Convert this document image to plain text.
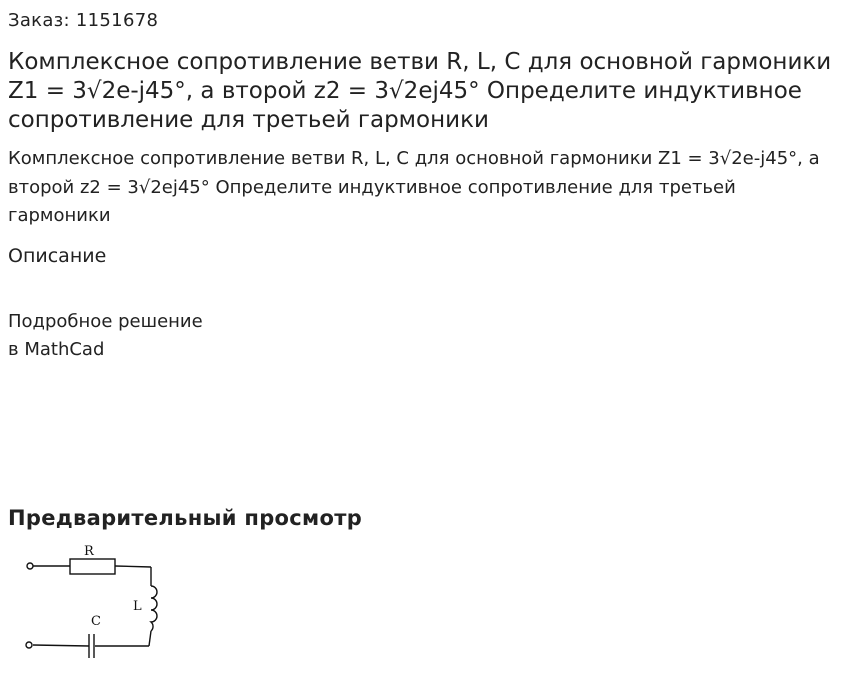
Заказ: 1151678
Комплексное сопротивление ветви R, L, C для основной гармоники Z1 = 3√2e-j45°, а второй z2 = 3√2ej45° Определите индуктивное сопротивление для третьей гармоники

Комплексное сопротивление ветви R, L, C для основной гармоники Z1 = 3√2e-j45°, а второй z2 = 3√2ej45° Определите индуктивное сопротивление для третьей гармоники

Описание
Подробное решение
в MathCad
Предварительный просмотр
R
L
C
